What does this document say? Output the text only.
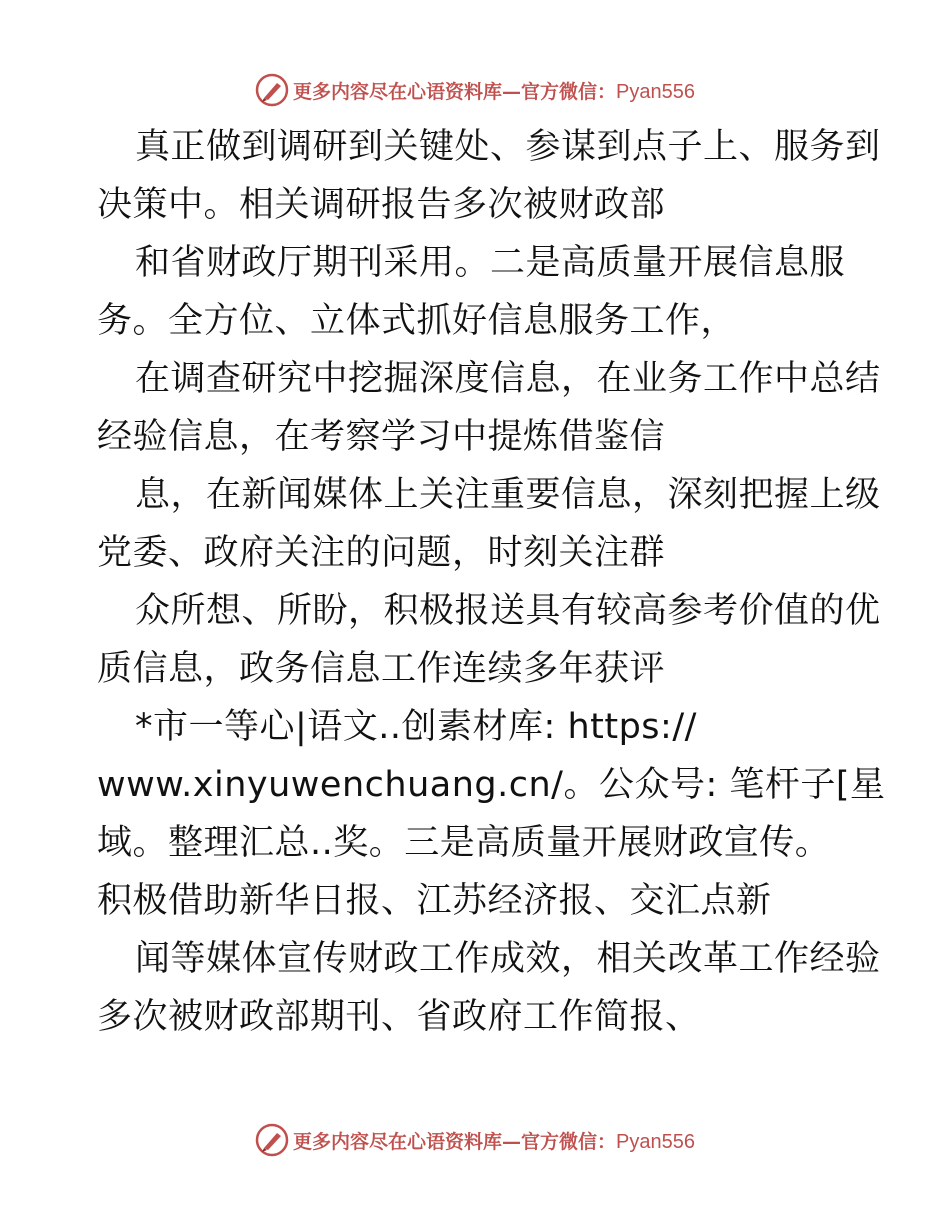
更多内容尽在心语资料库—官方微信：Pyan556
真正做到调研到关键处、参谋到点子上、服务到
决策中。相关调研报告多次被财政部
和省财政厅期刊采用。二是高质量开展信息服
务。全方位、立体式抓好信息服务工作，
在调查研究中挖掘深度信息，在业务工作中总结
经验信息，在考察学习中提炼借鉴信
息，在新闻媒体上关注重要信息，深刻把握上级
党委、政府关注的问题，时刻关注群
众所想、所盼，积极报送具有较高参考价值的优
质信息，政务信息工作连续多年获评
*市一等心|语文..创素材库: https://
www.xinyuwenchuang.cn/。公众号: 笔杆子[星
域。整理汇总..奖。三是高质量开展财政宣传。
积极借助新华日报、江苏经济报、交汇点新
闻等媒体宣传财政工作成效，相关改革工作经验
多次被财政部期刊、省政府工作简报、
更多内容尽在心语资料库—官方微信：Pyan556
